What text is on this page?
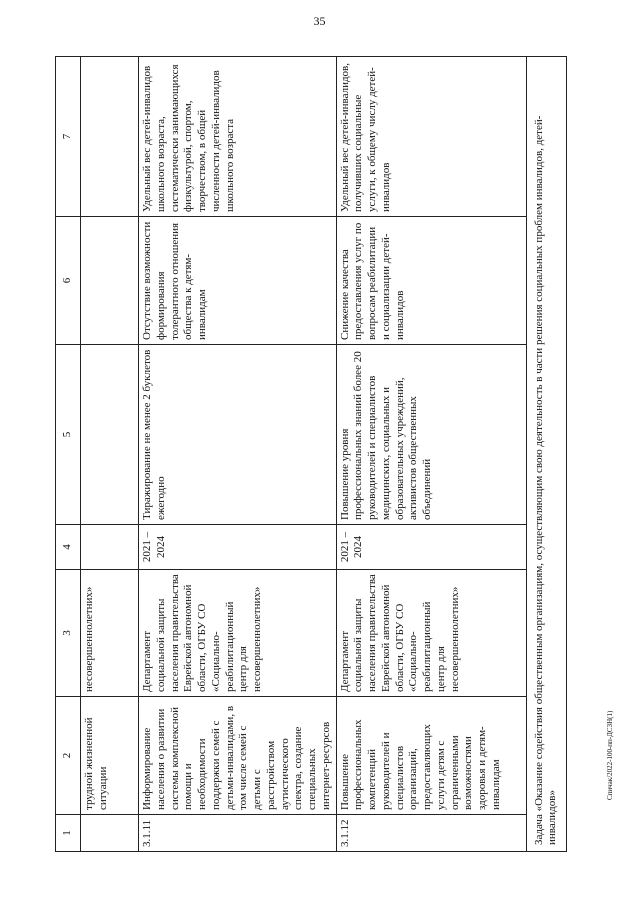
35
1	2	3	4	5	6	7
	трудной жизненной ситуации	несовершеннолетних»				
3.1.11	Информирование населения о развитии системы комплексной помощи и необходимости поддержки семей с детьми-инвалидами, в том числе семей с детьми с расстройством аутистического спектра, создание специальных интернет-ресурсов	Департамент социальной защиты населения правительства Еврейской автономной области, ОГБУ СО «Социально-реабилитационный центр для несовершеннолетних»	2021 – 2024	Тиражирование не менее 2 буклетов ежегодно	Отсутствие возможности формирования толерантного отношения общества к детям-инвалидам	Удельный вес детей-инвалидов школьного возраста, систематически занимающихся физкультурой, спортом, творчеством, в общей численности детей-инвалидов школьного возраста
3.1.12	Повышение профессиональных компетенций руководителей и специалистов организаций, предоставляющих услуги детям с ограниченными возможностями здоровья и детям-инвалидам	Департамент социальной защиты населения правительства Еврейской автономной области, ОГБУ СО «Социально-реабилитационный центр для несовершеннолетних»	2021 – 2024	Повышение уровня профессиональных знаний более 20 руководителей и специалистов медицинских, социальных и образовательных учреждений, активистов общественных объединений	Снижение качества предоставления услуг по вопросам реабилитации и социализации детей-инвалидов	Удельный вес детей-инвалидов, получивших социальные услуги, к общему числу детей-инвалидов
Задача «Оказание содействия общественным организациям, осуществляющим свою деятельность в части решения социальных проблем инвалидов, детей-инвалидов»						
Спичак/2022-100-пп-ДСЗН(1)
